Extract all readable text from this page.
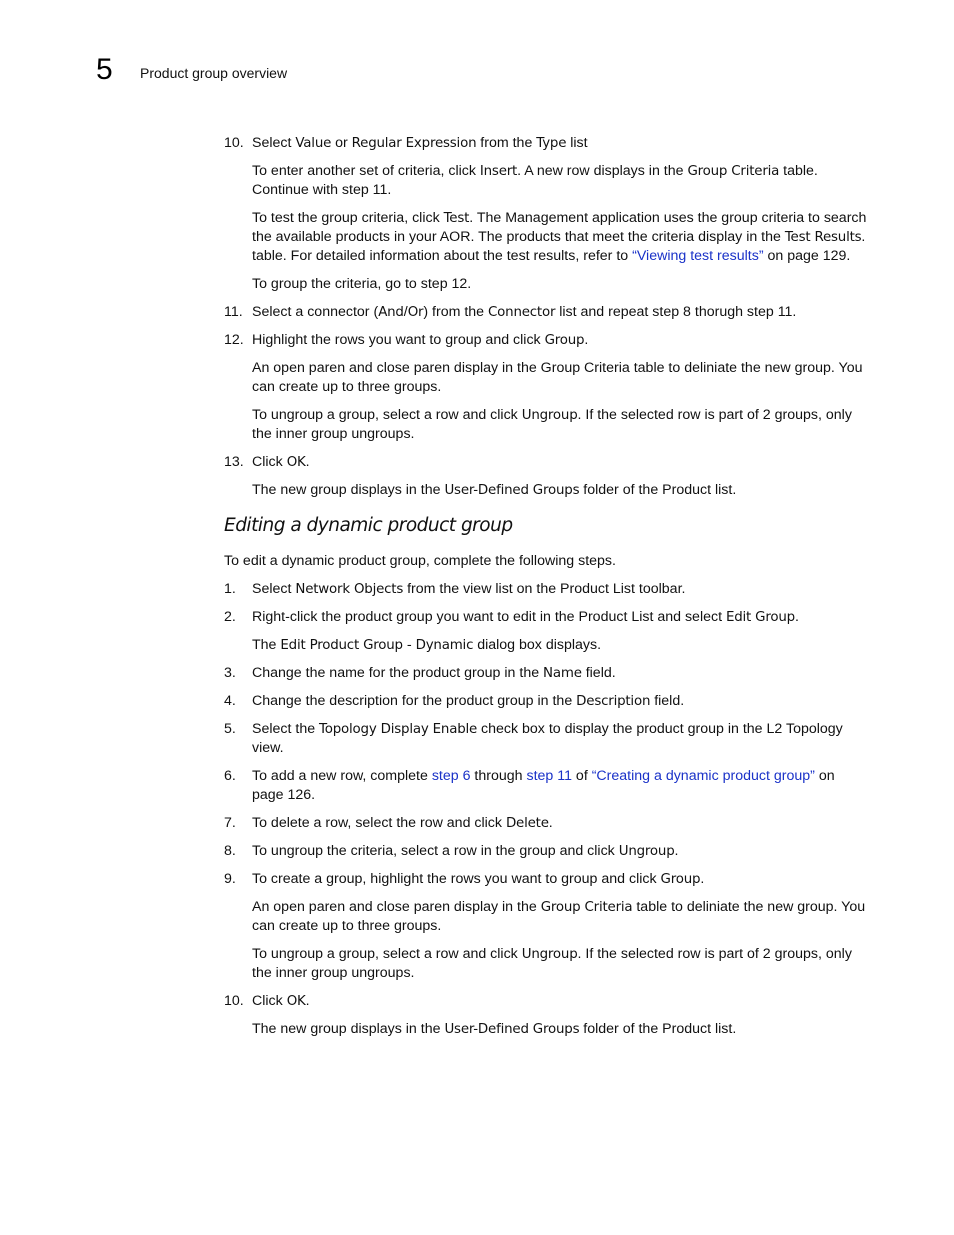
5 Product group overview
10. Select Value or Regular Expression from the Type list

To enter another set of criteria, click Insert. A new row displays in the Group Criteria table. Continue with step 11.

To test the group criteria, click Test. The Management application uses the group criteria to search the available products in your AOR. The products that meet the criteria display in the Test Results. table. For detailed information about the test results, refer to “Viewing test results” on page 129.

To group the criteria, go to step 12.

11. Select a connector (And/Or) from the Connector list and repeat step 8 thorugh step 11.
12. Highlight the rows you want to group and click Group.

An open paren and close paren display in the Group Criteria table to deliniate the new group. You can create up to three groups.

To ungroup a group, select a row and click Ungroup. If the selected row is part of 2 groups, only the inner group ungroups.

13. Click OK.

The new group displays in the User-Defined Groups folder of the Product list.

Editing a dynamic product group

To edit a dynamic product group, complete the following steps.

1. Select Network Objects from the view list on the Product List toolbar.
2. Right-click the product group you want to edit in the Product List and select Edit Group.

The Edit Product Group - Dynamic dialog box displays.

3. Change the name for the product group in the Name field.
4. Change the description for the product group in the Description field.
5. Select the Topology Display Enable check box to display the product group in the L2 Topology view.
6. To add a new row, complete step 6 through step 11 of “Creating a dynamic product group” on page 126.
7. To delete a row, select the row and click Delete.
8. To ungroup the criteria, select a row in the group and click Ungroup.
9. To create a group, highlight the rows you want to group and click Group.

An open paren and close paren display in the Group Criteria table to deliniate the new group. You can create up to three groups.

To ungroup a group, select a row and click Ungroup. If the selected row is part of 2 groups, only the inner group ungroups.

10. Click OK.

The new group displays in the User-Defined Groups folder of the Product list.
